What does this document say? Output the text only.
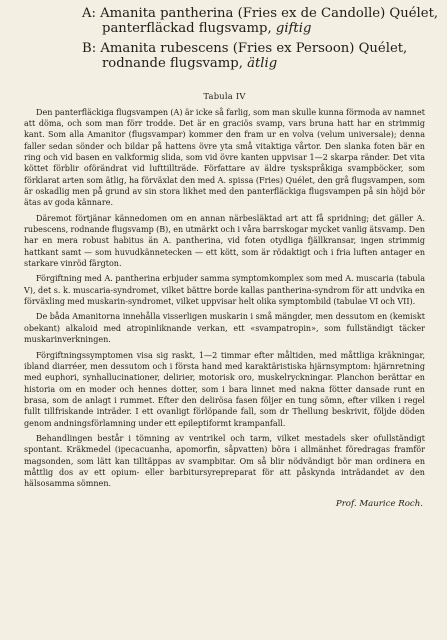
A: Amanita pantherina (Fries ex de Candolle) Quélet,
panterfläckad flugsvamp, giftig
B: Amanita rubescens (Fries ex Persoon) Quélet,
rodnande flugsvamp, ätlig
Tabula IV

Den panterfläckiga flugsvampen (A) är icke så farlig, som man skulle kunna förmoda av namnet att döma, och som man förr trodde. Det är en graciös svamp, vars bruna hatt har en strimmig kant. Som alla Amanitor (flugsvampar) kommer den fram ur en volva (velum universale); denna faller sedan sönder och bildar på hattens övre yta små vitaktiga vårtor. Den slanka foten bär en ring och vid basen en valkformig slida, som vid övre kanten uppvisar 1—2 skarpa ränder. Det vita köttet förblir oförändrat vid lufttillträde. Författare av äldre tyskspråkiga svampböcker, som förklarat arten som ätlig, ha förväxlat den med A. spissa (Fries) Quélet, den grå flugsvampen, som är oskadlig men på grund av sin stora likhet med den panterfläckiga flugsvampen på sin höjd bör ätas av goda kännare.

Däremot förtjänar kännedomen om en annan närbesläktad art att få spridning; det gäller A. rubescens, rodnande flugsvamp (B), en utmärkt och i våra barrskogar mycket vanlig ätsvamp. Den har en mera robust habitus än A. pantherina, vid foten otydliga fjällkransar, ingen strimmig hattkant samt — som huvudkännetecken — ett kött, som är rödaktigt och i fria luften antager en starkare vinröd färgton.

Förgiftning med A. pantherina erbjuder samma symptomkomplex som med A. muscaria (tabula V), det s. k. muscaria-syndromet, vilket bättre borde kallas pantherina-syndrom för att undvika en förväxling med muskarin-syndromet, vilket uppvisar helt olika symptombild (tabulae VI och VII).

De båda Amanitorna innehålla visserligen muskarin i små mängder, men dessutom en (kemiskt obekant) alkaloid med atropinliknande verkan, ett «svampatropin», som fullständigt täcker muskarinverkningen.

Förgiftningssymptomen visa sig raskt, 1—2 timmar efter måltiden, med måttliga kräkningar, ibland diarréer, men dessutom och i första hand med karaktäristiska hjärnsymptom: hjärnretning med euphori, synhallucinationer, delirier, motorisk oro, muskelryckningar. Planchon berättar en historia om en moder och hennes dotter, som i bara linnet med nakna fötter dansade runt en brasa, som de anlagt i rummet. Efter den delirösa fasen följer en tung sömn, efter vilken i regel fullt tillfriskande inträder. I ett ovanligt förlöpande fall, som dr Thellung beskrivit, följde döden genom andningsförlamning under ett epileptiformt krampanfall.

Behandlingen består i tömning av ventrikel och tarm, vilket mestadels sker ofullständigt spontant. Kräkmedel (ipecacuanha, apomorfin, såpvatten) böra i allmänhet föredragas framför magsonden, som lätt kan tilltäppas av svampbitar. Om så blir nödvändigt bör man ordinera en måttlig dos av ett opium- eller barbitursyrepreparat för att påskynda inträdandet av den hälsosamma sömnen.

Prof. Maurice Roch.
